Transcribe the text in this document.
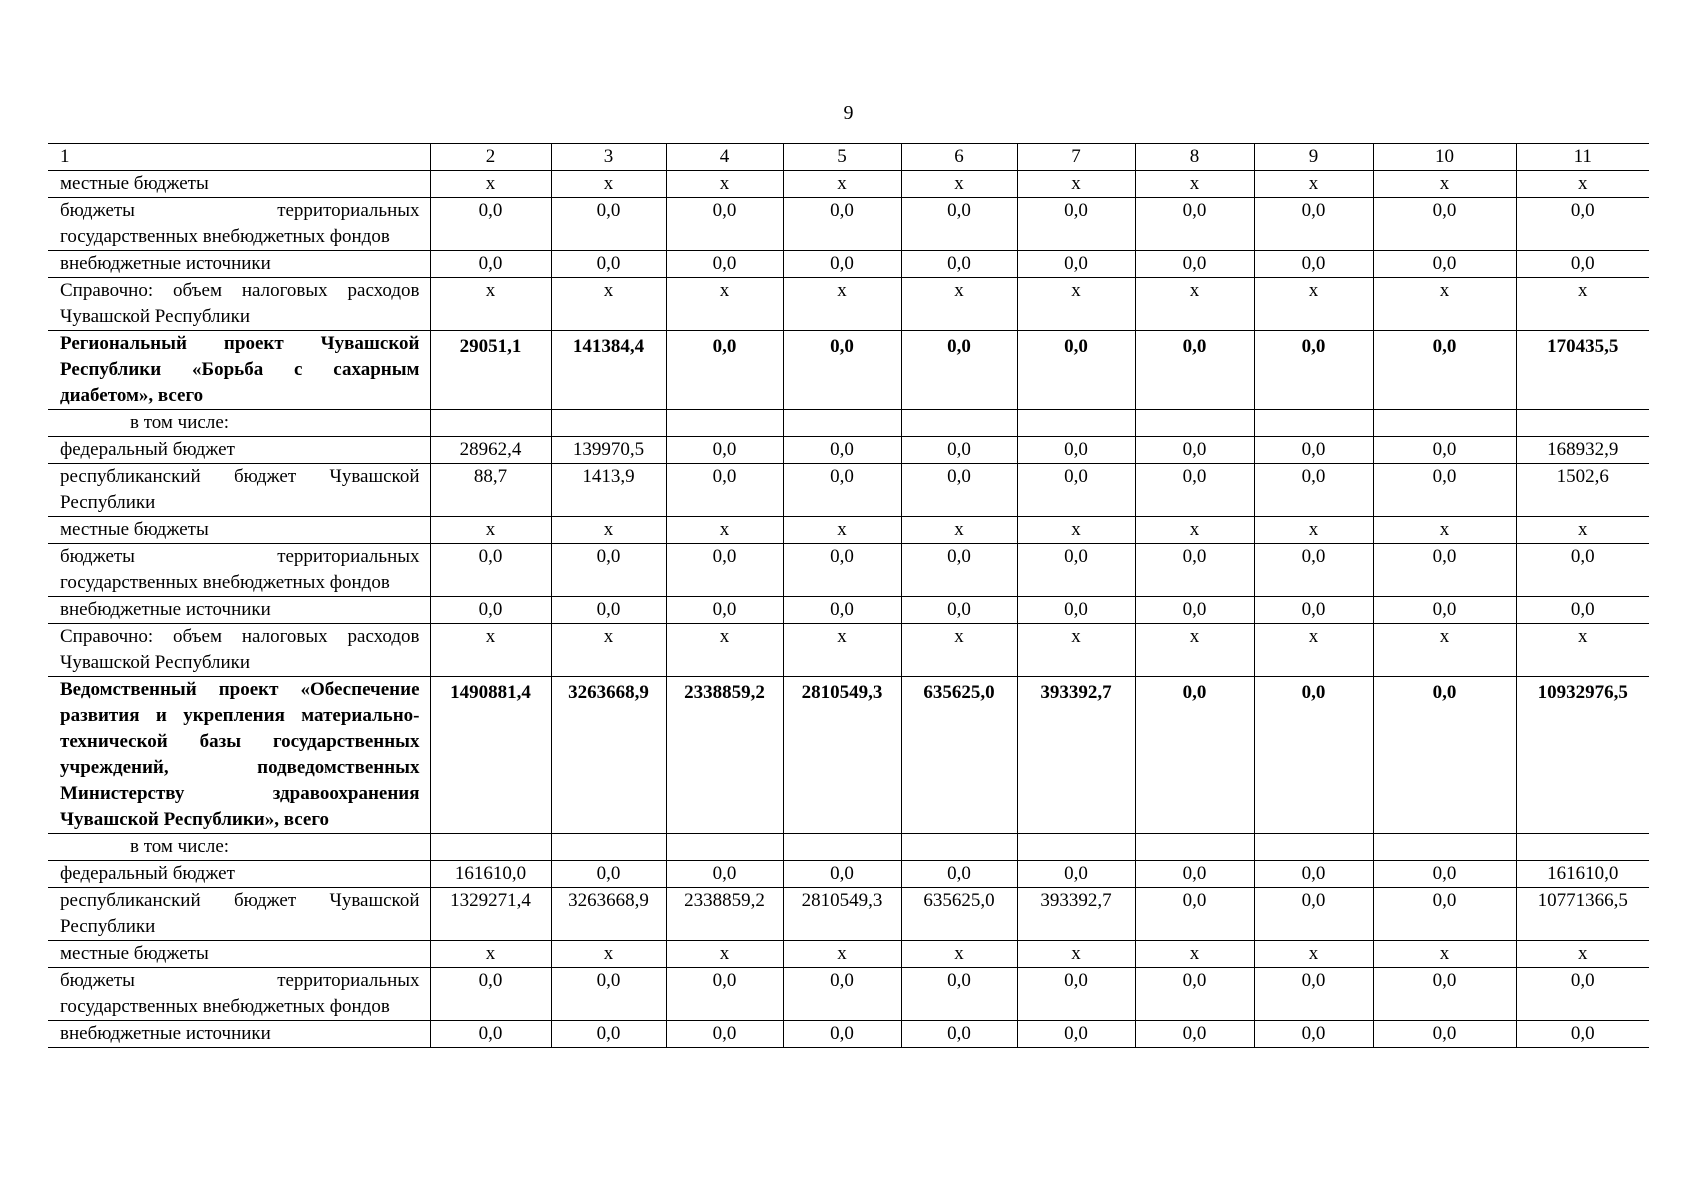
9
1	2	3	4	5	6	7	8	9	10	11
местные бюджеты	х	х	х	х	х	х	х	х	х	х
бюджеты территориальных государственных внебюджетных фондов	0,0	0,0	0,0	0,0	0,0	0,0	0,0	0,0	0,0	0,0
внебюджетные источники	0,0	0,0	0,0	0,0	0,0	0,0	0,0	0,0	0,0	0,0
Справочно: объем налоговых расходов Чувашской Республики	х	х	х	х	х	х	х	х	х	х
Региональный проект Чувашской Республики «Борьба с сахарным диабетом», всего	29051,1	141384,4	0,0	0,0	0,0	0,0	0,0	0,0	0,0	170435,5
в том числе:										
федеральный бюджет	28962,4	139970,5	0,0	0,0	0,0	0,0	0,0	0,0	0,0	168932,9
республиканский бюджет Чувашской Республики	88,7	1413,9	0,0	0,0	0,0	0,0	0,0	0,0	0,0	1502,6
местные бюджеты	х	х	х	х	х	х	х	х	х	х
бюджеты территориальных государственных внебюджетных фондов	0,0	0,0	0,0	0,0	0,0	0,0	0,0	0,0	0,0	0,0
внебюджетные источники	0,0	0,0	0,0	0,0	0,0	0,0	0,0	0,0	0,0	0,0
Справочно: объем налоговых расходов Чувашской Республики	х	х	х	х	х	х	х	х	х	х
Ведомственный проект «Обеспечение развития и укрепления материально-технической базы государственных учреждений, подведомственных Министерству здравоохранения Чувашской Республики», всего	1490881,4	3263668,9	2338859,2	2810549,3	635625,0	393392,7	0,0	0,0	0,0	10932976,5
в том числе:										
федеральный бюджет	161610,0	0,0	0,0	0,0	0,0	0,0	0,0	0,0	0,0	161610,0
республиканский бюджет Чувашской Республики	1329271,4	3263668,9	2338859,2	2810549,3	635625,0	393392,7	0,0	0,0	0,0	10771366,5
местные бюджеты	х	х	х	х	х	х	х	х	х	х
бюджеты территориальных государственных внебюджетных фондов	0,0	0,0	0,0	0,0	0,0	0,0	0,0	0,0	0,0	0,0
внебюджетные источники	0,0	0,0	0,0	0,0	0,0	0,0	0,0	0,0	0,0	0,0
